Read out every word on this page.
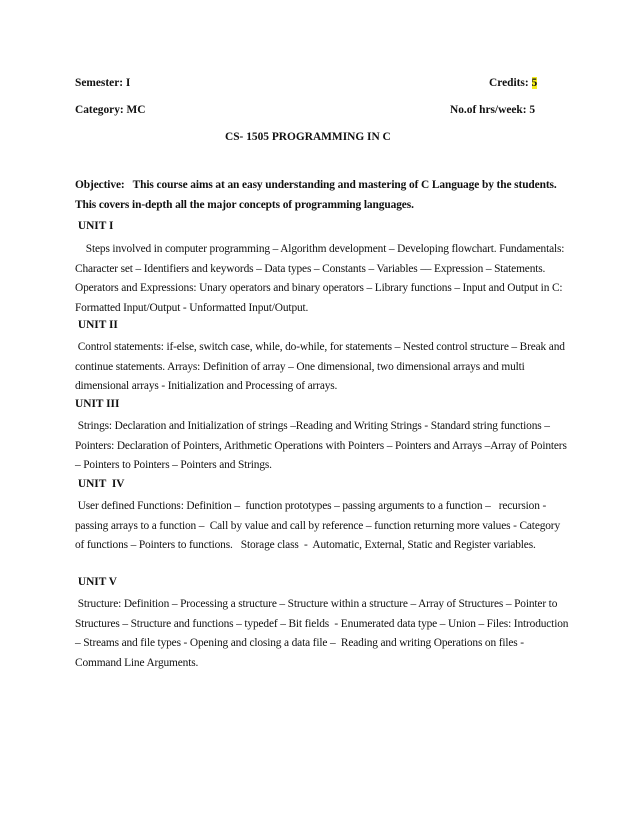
Semester: I	Credits: 5
Category: MC	No.of hrs/week: 5
CS- 1505 PROGRAMMING IN C
Objective:   This course aims at an easy understanding and mastering of C Language by the students.  This covers in-depth all the major concepts of programming languages.
UNIT I
Steps involved in computer programming – Algorithm development – Developing flowchart. Fundamentals: Character set – Identifiers and keywords – Data types – Constants – Variables –– Expression – Statements. Operators and Expressions: Unary operators and binary operators – Library functions – Input and Output in C:  Formatted Input/Output - Unformatted Input/Output.
UNIT II
Control statements: if-else, switch case, while, do-while, for statements – Nested control structure – Break and continue statements. Arrays: Definition of array – One dimensional, two dimensional arrays and multi dimensional arrays - Initialization and Processing of arrays.
UNIT III
Strings: Declaration and Initialization of strings –Reading and Writing Strings - Standard string functions – Pointers: Declaration of Pointers, Arithmetic Operations with Pointers – Pointers and Arrays –Array of Pointers – Pointers to Pointers – Pointers and Strings.
UNIT  IV
User defined Functions: Definition –  function prototypes – passing arguments to a function –   recursion - passing arrays to a function –  Call by value and call by reference – function returning more values - Category of functions – Pointers to functions.   Storage class  -  Automatic, External, Static and Register variables.
UNIT V
Structure: Definition – Processing a structure – Structure within a structure – Array of Structures – Pointer to Structures – Structure and functions – typedef – Bit fields  - Enumerated data type – Union – Files: Introduction – Streams and file types - Opening and closing a data file –  Reading and writing Operations on files - Command Line Arguments.
